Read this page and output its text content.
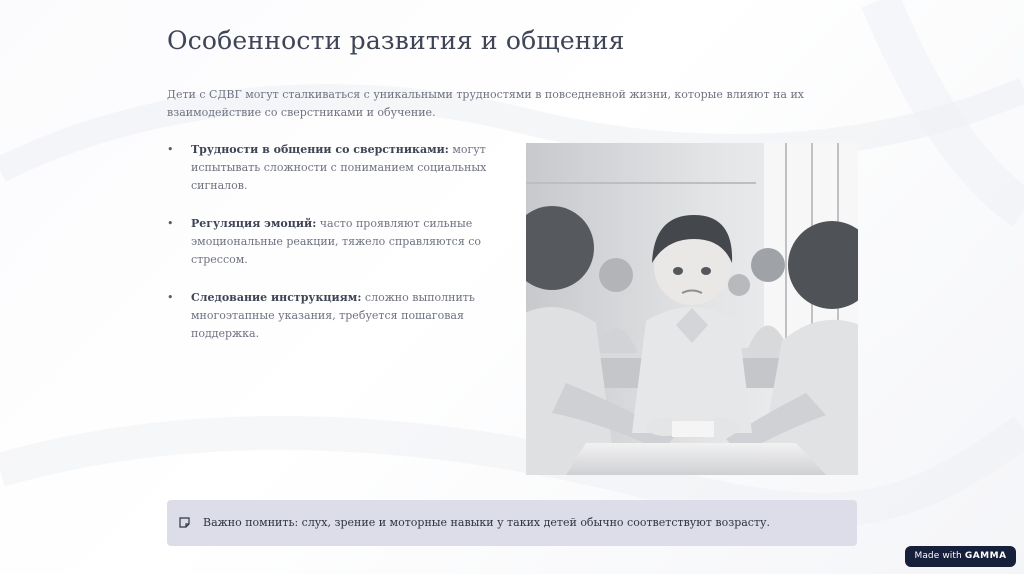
Особенности развития и общения

Дети с СДВГ могут сталкиваться с уникальными трудностями в повседневной жизни, которые влияют на их взаимодействие со сверстниками и обучение.

• Трудности в общении со сверстниками: могут испытывать сложности с пониманием социальных сигналов.
• Регуляция эмоций: часто проявляют сильные эмоциональные реакции, тяжело справляются со стрессом.
• Следование инструкциям: сложно выполнить многоэтапные указания, требуется пошаговая поддержка.
Важно помнить: слух, зрение и моторные навыки у таких детей обычно соответствуют возрасту.
Made with GAMMA
